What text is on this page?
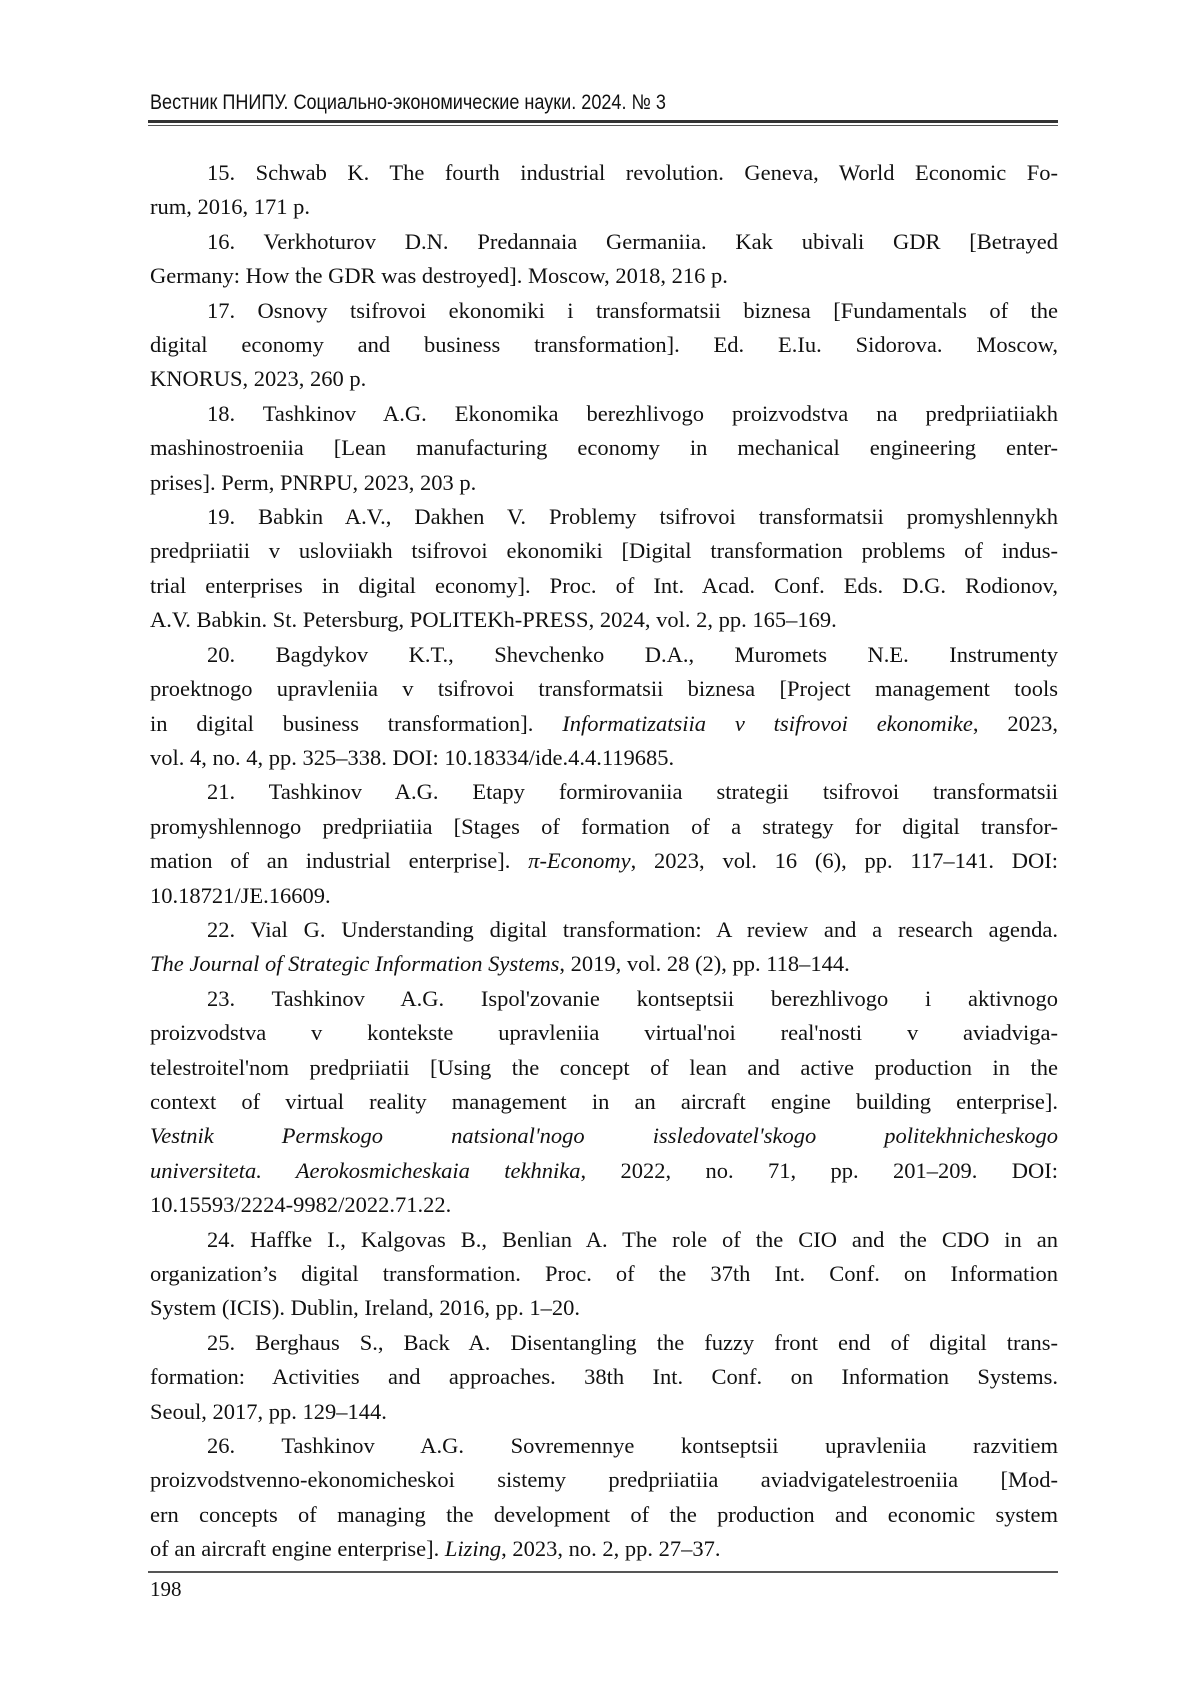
Вестник ПНИПУ. Социально-экономические науки. 2024. № 3
15. Schwab K. The fourth industrial revolution. Geneva, World Economic Fo-
rum, 2016, 171 p.
16. Verkhoturov D.N. Predannaia Germaniia. Kak ubivali GDR [Betrayed
Germany: How the GDR was destroyed]. Moscow, 2018, 216 p.
17. Osnovy tsifrovoi ekonomiki i transformatsii biznesa [Fundamentals of the
digital economy and business transformation]. Ed. E.Iu. Sidorova. Moscow,
KNORUS, 2023, 260 p.
18. Tashkinov A.G. Ekonomika berezhlivogo proizvodstva na predpriiatiiakh
mashinostroeniia [Lean manufacturing economy in mechanical engineering enter-
prises]. Perm, PNRPU, 2023, 203 p.
19. Babkin A.V., Dakhen V. Problemy tsifrovoi transformatsii promyshlennykh
predpriiatii v usloviiakh tsifrovoi ekonomiki [Digital transformation problems of indus-
trial enterprises in digital economy]. Proc. of Int. Acad. Conf. Eds. D.G. Rodionov,
A.V. Babkin. St. Petersburg, POLITEKh-PRESS, 2024, vol. 2, pp. 165–169.
20. Bagdykov K.T., Shevchenko D.A., Muromets N.E. Instrumenty
proektnogo upravleniia v tsifrovoi transformatsii biznesa [Project management tools
in digital business transformation]. Informatizatsiia v tsifrovoi ekonomike, 2023,
vol. 4, no. 4, pp. 325–338. DOI: 10.18334/ide.4.4.119685.
21. Tashkinov A.G. Etapy formirovaniia strategii tsifrovoi transformatsii
promyshlennogo predpriiatiia [Stages of formation of a strategy for digital transfor-
mation of an industrial enterprise]. π-Economy, 2023, vol. 16 (6), pp. 117–141. DOI:
10.18721/JE.16609.
22. Vial G. Understanding digital transformation: A review and a research agenda.
The Journal of Strategic Information Systems, 2019, vol. 28 (2), pp. 118–144.
23. Tashkinov A.G. Ispol'zovanie kontseptsii berezhlivogo i aktivnogo
proizvodstva v kontekste upravleniia virtual'noi real'nosti v aviadviga-
telestroitel'nom predpriiatii [Using the concept of lean and active production in the
context of virtual reality management in an aircraft engine building enterprise].
Vestnik Permskogo natsional'nogo issledovatel'skogo politekhnicheskogo
universiteta. Aerokosmicheskaia tekhnika, 2022, no. 71, pp. 201–209. DOI:
10.15593/2224-9982/2022.71.22.
24. Haffke I., Kalgovas B., Benlian A. The role of the CIO and the CDO in an
organization’s digital transformation. Proc. of the 37th Int. Conf. on Information
System (ICIS). Dublin, Ireland, 2016, pp. 1–20.
25. Berghaus S., Back A. Disentangling the fuzzy front end of digital trans-
formation: Activities and approaches. 38th Int. Conf. on Information Systems.
Seoul, 2017, pp. 129–144.
26. Tashkinov A.G. Sovremennye kontseptsii upravleniia razvitiem
proizvodstvenno-ekonomicheskoi sistemy predpriiatiia aviadvigatelestroeniia [Mod-
ern concepts of managing the development of the production and economic system
of an aircraft engine enterprise]. Lizing, 2023, no. 2, pp. 27–37.
198
